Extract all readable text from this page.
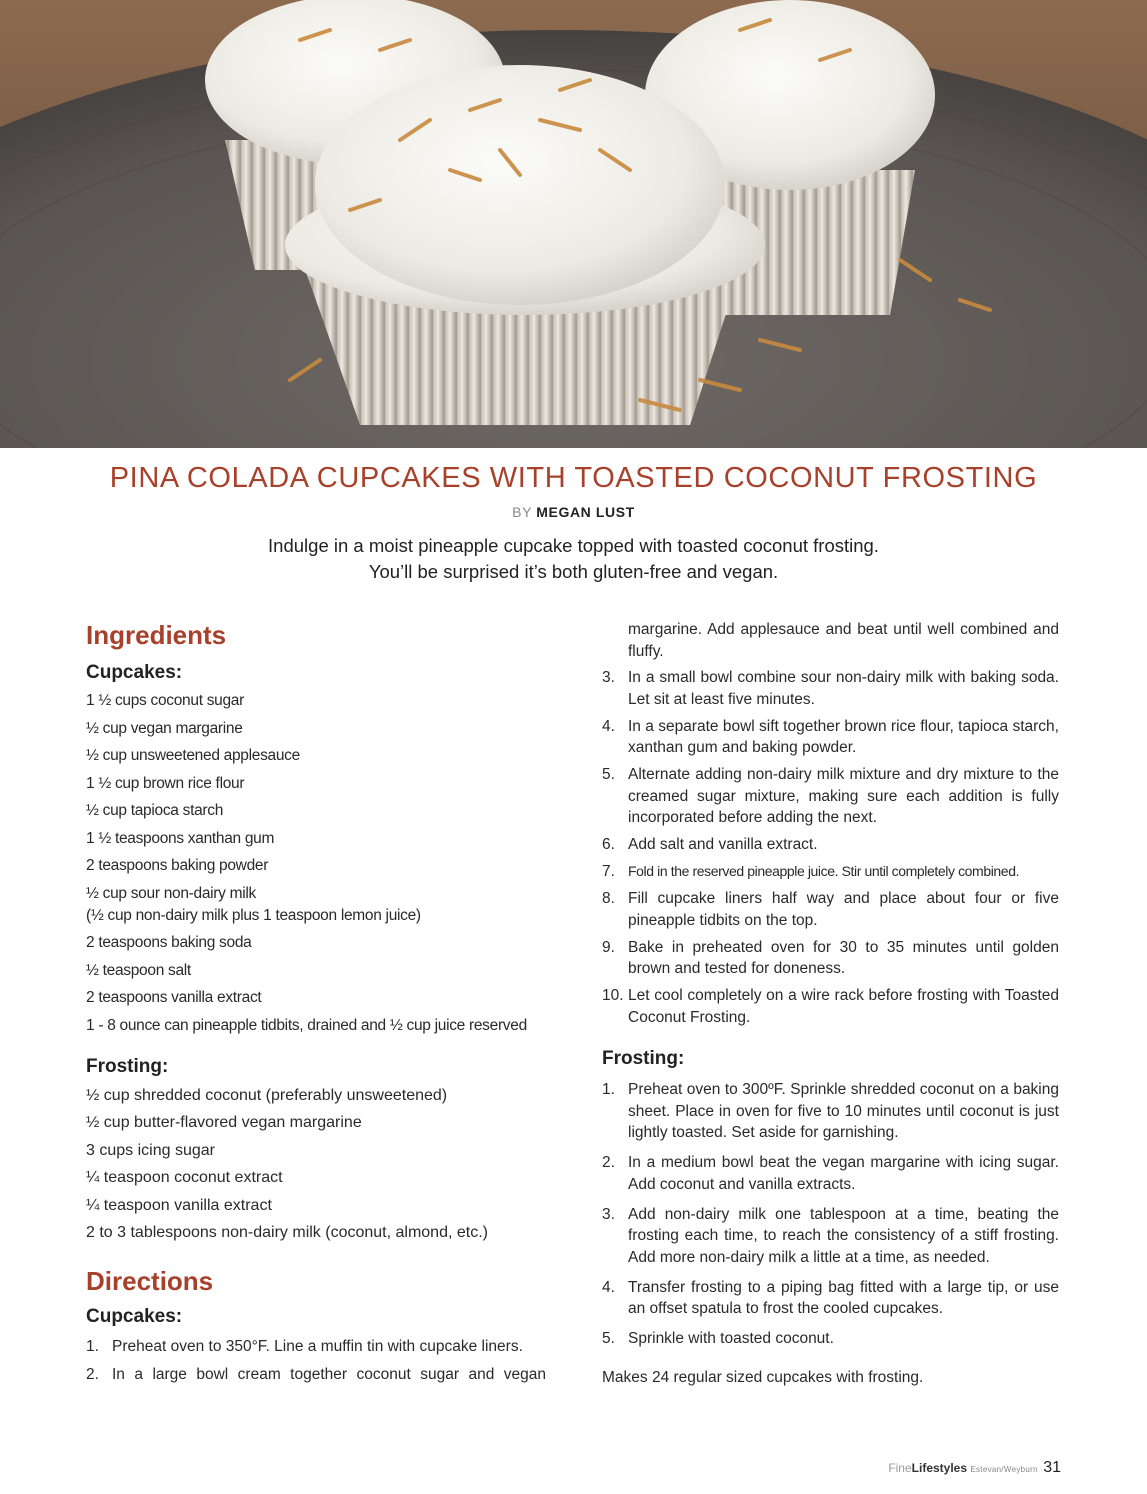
PINA COLADA CUPCAKES WITH TOASTED COCONUT FROSTING
BY MEGAN LUST
Indulge in a moist pineapple cupcake topped with toasted coconut frosting.
You’ll be surprised it’s both gluten-free and vegan.
Ingredients
Cupcakes:
1 ½ cups coconut sugar
½ cup vegan margarine
½ cup unsweetened applesauce
1 ½ cup brown rice flour
½ cup tapioca starch
1 ½ teaspoons xanthan gum
2 teaspoons baking powder
½ cup sour non-dairy milk
(½ cup non-dairy milk plus 1 teaspoon lemon juice)
2 teaspoons baking soda
½ teaspoon salt
2 teaspoons vanilla extract
1 - 8 ounce can pineapple tidbits, drained and ½ cup juice reserved
Frosting:
½ cup shredded coconut (preferably unsweetened)
½ cup butter-flavored vegan margarine
3 cups icing sugar
¼ teaspoon coconut extract
¼ teaspoon vanilla extract
2 to 3 tablespoons non-dairy milk (coconut, almond, etc.)
Directions
Cupcakes:
1. Preheat oven to 350°F. Line a muffin tin with cupcake liners.
2. In a large bowl cream together coconut sugar and vegan
margarine. Add applesauce and beat until well combined and fluffy.
3. In a small bowl combine sour non-dairy milk with baking soda. Let sit at least five minutes.
4. In a separate bowl sift together brown rice flour, tapioca starch, xanthan gum and baking powder.
5. Alternate adding non-dairy milk mixture and dry mixture to the creamed sugar mixture, making sure each addition is fully incorporated before adding the next.
6. Add salt and vanilla extract.
7. Fold in the reserved pineapple juice. Stir until completely combined.
8. Fill cupcake liners half way and place about four or five pineapple tidbits on the top.
9. Bake in preheated oven for 30 to 35 minutes until golden brown and tested for doneness.
10. Let cool completely on a wire rack before frosting with Toasted Coconut Frosting.
Frosting:
1. Preheat oven to 300ºF. Sprinkle shredded coconut on a baking sheet. Place in oven for five to 10 minutes until coconut is just lightly toasted. Set aside for garnishing.
2. In a medium bowl beat the vegan margarine with icing sugar. Add coconut and vanilla extracts.
3. Add non-dairy milk one tablespoon at a time, beating the frosting each time, to reach the consistency of a stiff frosting. Add more non-dairy milk a little at a time, as needed.
4. Transfer frosting to a piping bag fitted with a large tip, or use an offset spatula to frost the cooled cupcakes.
5. Sprinkle with toasted coconut.
Makes 24 regular sized cupcakes with frosting.
FineLifestyles Estevan/Weyburn 31
